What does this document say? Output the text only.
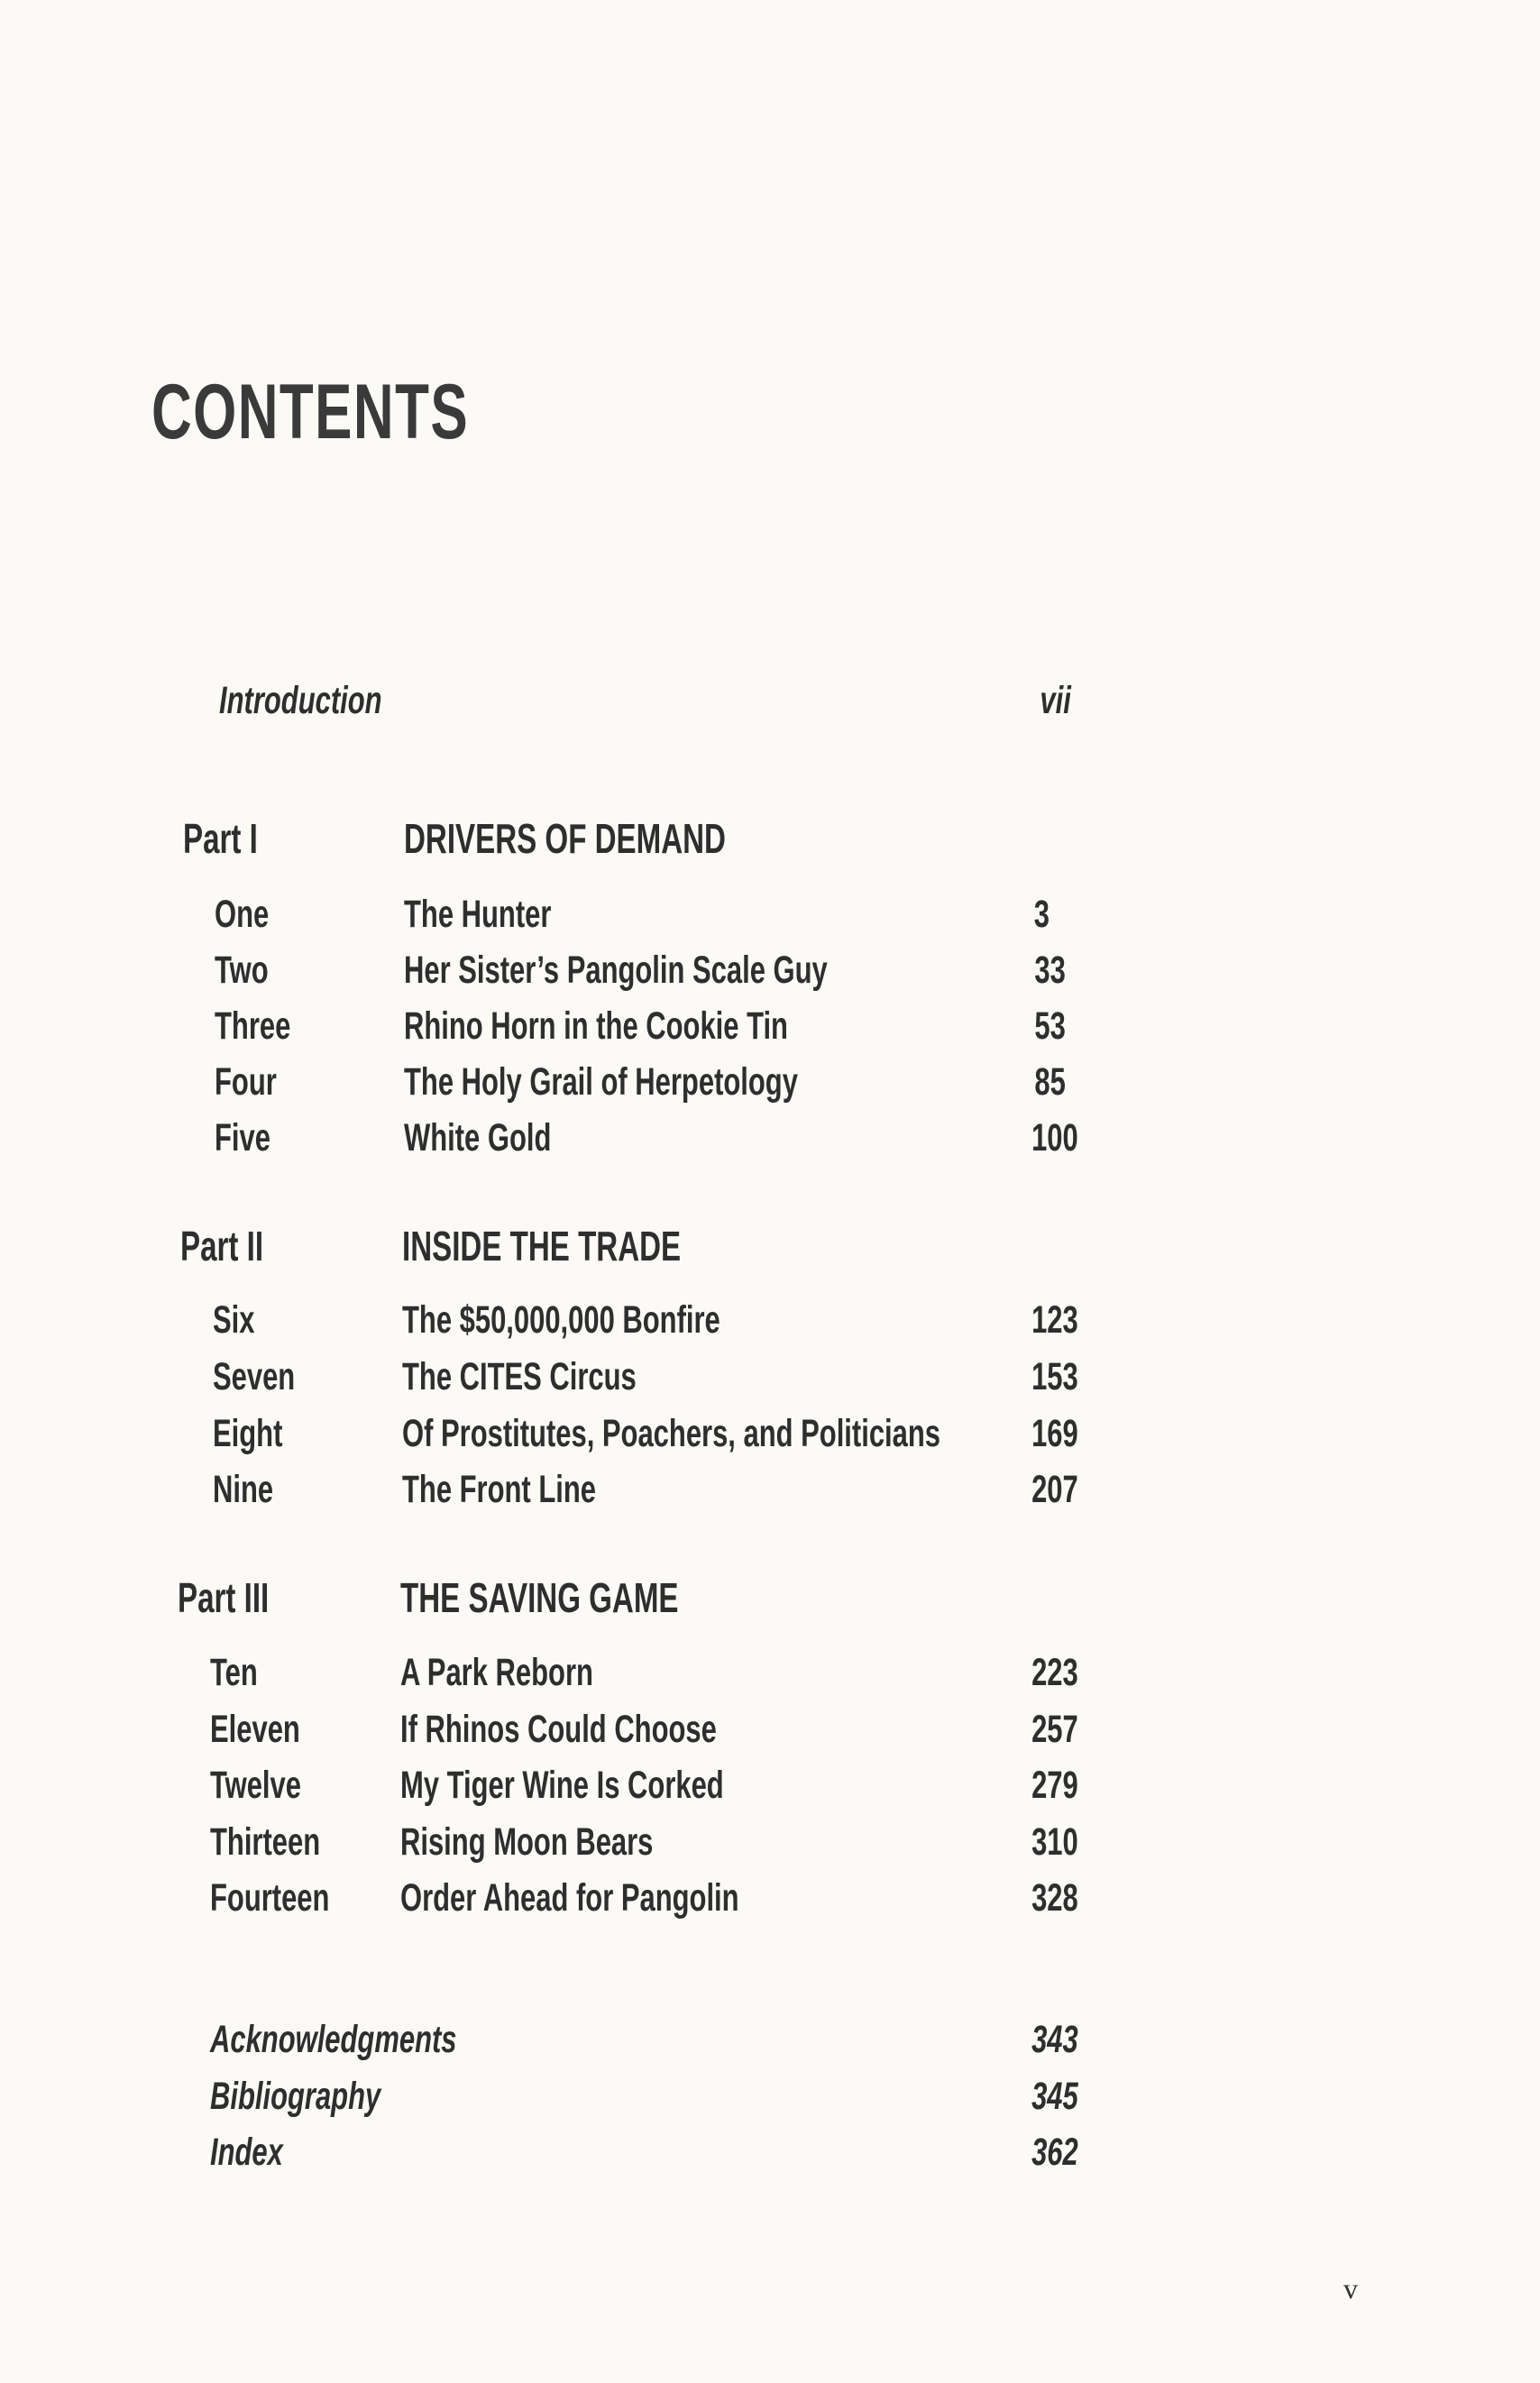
CONTENTS
Introduction	vii
Part I	DRIVERS OF DEMAND
One	The Hunter	3
Two	Her Sister’s Pangolin Scale Guy	33
Three	Rhino Horn in the Cookie Tin	53
Four	The Holy Grail of Herpetology	85
Five	White Gold	100
Part II	INSIDE THE TRADE
Six	The $50,000,000 Bonfire	123
Seven	The CITES Circus	153
Eight	Of Prostitutes, Poachers, and Politicians	169
Nine	The Front Line	207
Part III	THE SAVING GAME
Ten	A Park Reborn	223
Eleven	If Rhinos Could Choose	257
Twelve	My Tiger Wine Is Corked	279
Thirteen	Rising Moon Bears	310
Fourteen	Order Ahead for Pangolin	328
Acknowledgments	343
Bibliography	345
Index	362
v
